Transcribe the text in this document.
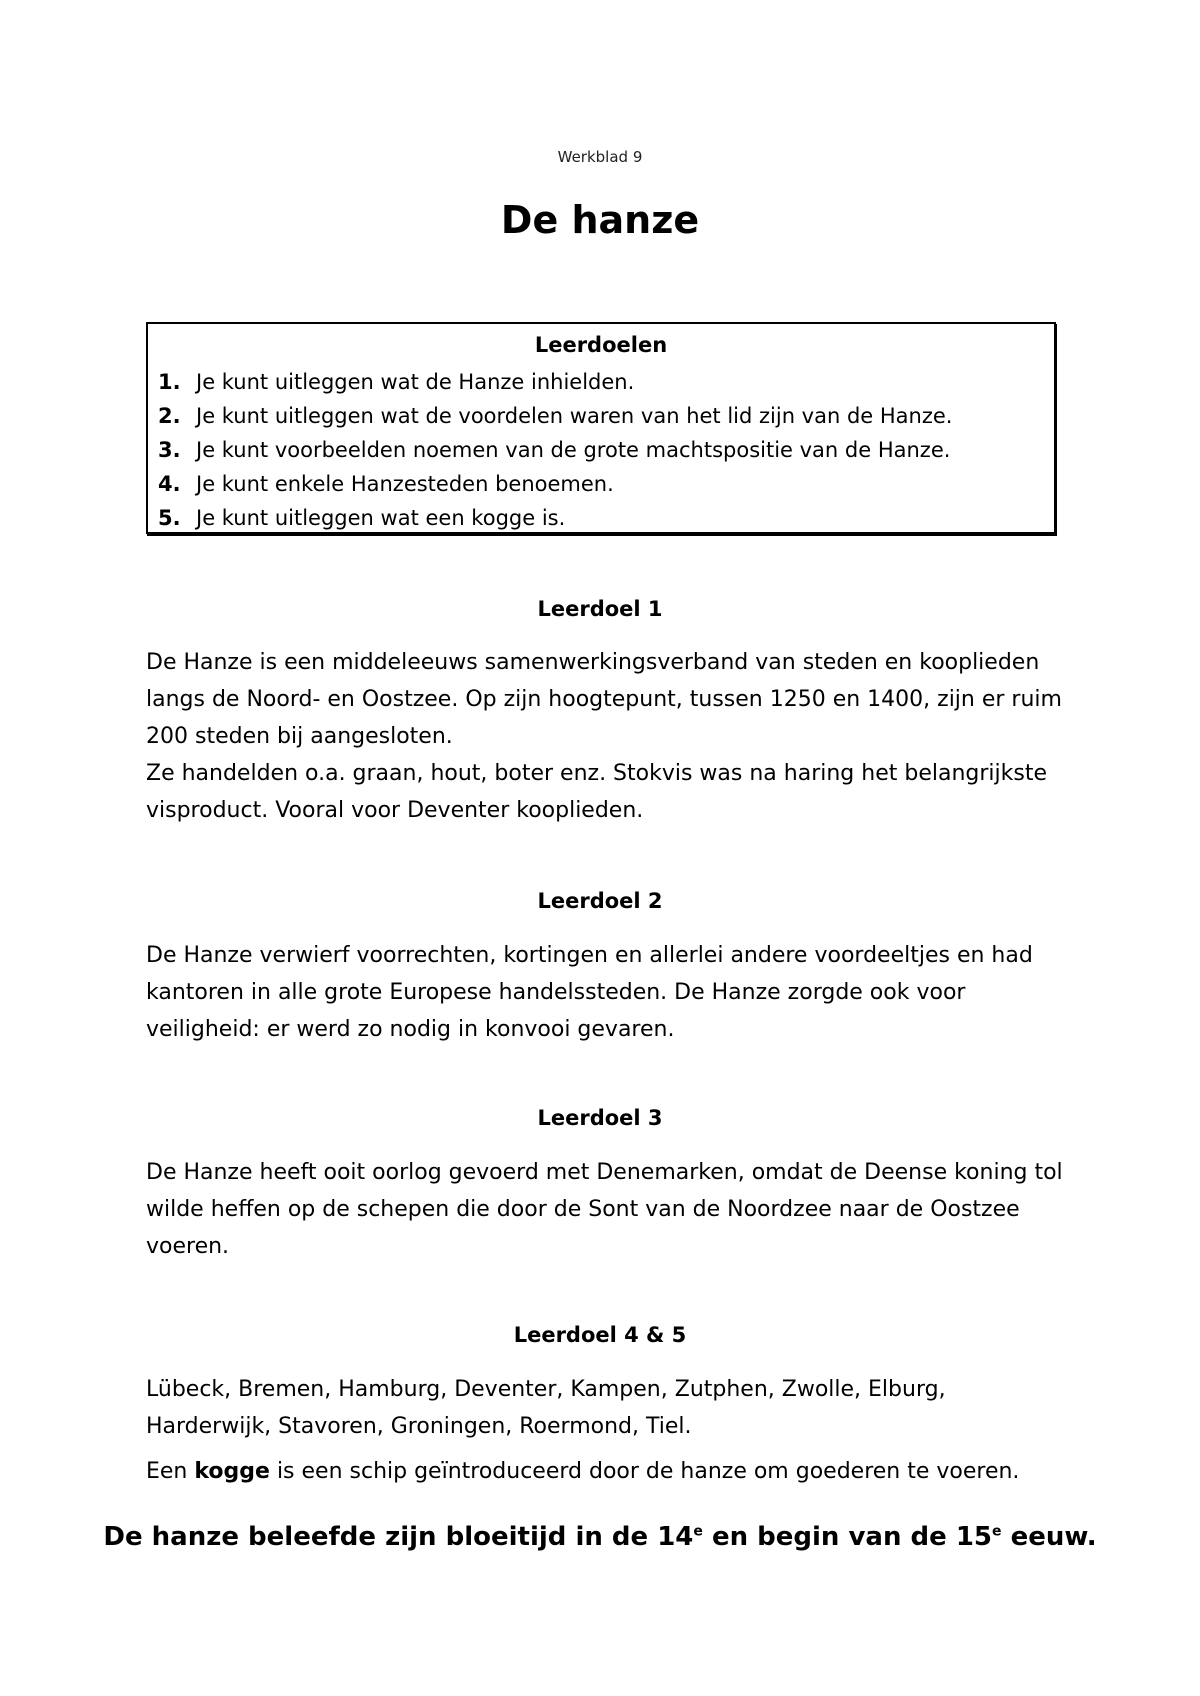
Werkblad 9
De hanze
Leerdoelen
1. Je kunt uitleggen wat de Hanze inhielden.
2. Je kunt uitleggen wat de voordelen waren van het lid zijn van de Hanze.
3. Je kunt voorbeelden noemen van de grote machtspositie van de Hanze.
4. Je kunt enkele Hanzesteden benoemen.
5. Je kunt uitleggen wat een kogge is.
Leerdoel 1

De Hanze is een middeleeuws samenwerkingsverband van steden en kooplieden langs de Noord- en Oostzee. Op zijn hoogtepunt, tussen 1250 en 1400, zijn er ruim 200 steden bij aangesloten.

Ze handelden o.a. graan, hout, boter enz. Stokvis was na haring het belangrijkste visproduct. Vooral voor Deventer kooplieden.

Leerdoel 2

De Hanze verwierf voorrechten, kortingen en allerlei andere voordeeltjes en had kantoren in alle grote Europese handelssteden. De Hanze zorgde ook voor veiligheid: er werd zo nodig in konvooi gevaren.

Leerdoel 3

De Hanze heeft ooit oorlog gevoerd met Denemarken, omdat de Deense koning tol wilde heffen op de schepen die door de Sont van de Noordzee naar de Oostzee voeren.

Leerdoel 4 & 5

Lübeck, Bremen, Hamburg, Deventer, Kampen, Zutphen, Zwolle, Elburg, Harderwijk, Stavoren, Groningen, Roermond, Tiel.

Een kogge is een schip geïntroduceerd door de hanze om goederen te voeren.

De hanze beleefde zijn bloeitijd in de 14e en begin van de 15e eeuw.
